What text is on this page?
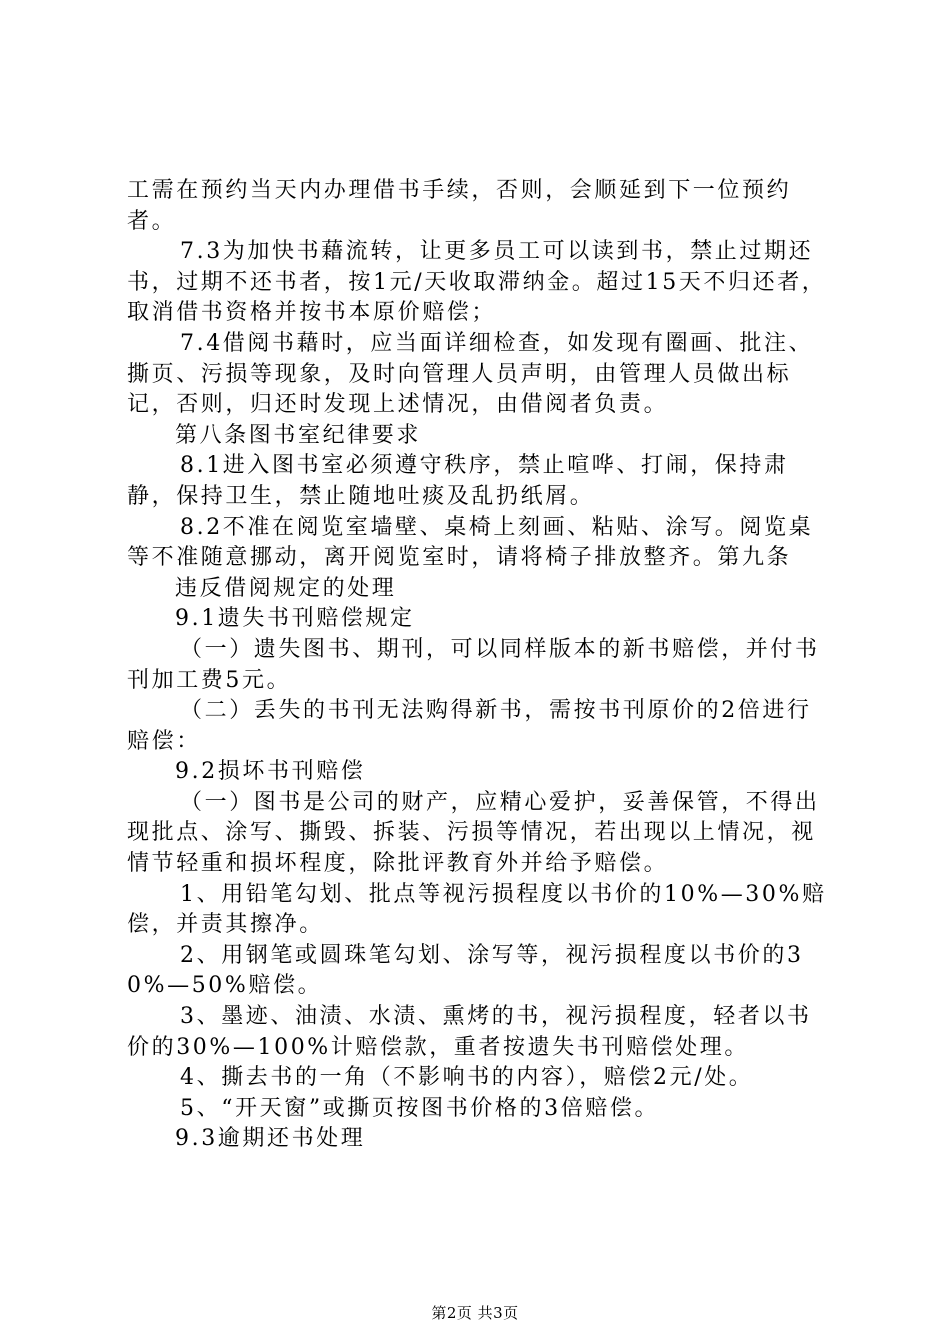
工需在预约当天内办理借书手续，否则，会顺延到下一位预约者。

7.3为加快书藉流转，让更多员工可以读到书，禁止过期还书，过期不还书者，按1元/天收取滞纳金。超过15天不归还者，取消借书资格并按书本原价赔偿；

7.4借阅书藉时，应当面详细检查，如发现有圈画、批注、撕页、污损等现象，及时向管理人员声明，由管理人员做出标记，否则，归还时发现上述情况，由借阅者负责。

第八条图书室纪律要求

8.1进入图书室必须遵守秩序，禁止喧哗、打闹，保持肃静，保持卫生，禁止随地吐痰及乱扔纸屑。

8.2不准在阅览室墙壁、桌椅上刻画、粘贴、涂写。阅览桌等不准随意挪动，离开阅览室时，请将椅子排放整齐。第九条

违反借阅规定的处理

9.1遗失书刊赔偿规定

（一）遗失图书、期刊，可以同样版本的新书赔偿，并付书刊加工费5元。

（二）丢失的书刊无法购得新书，需按书刊原价的2倍进行赔偿：

9.2损坏书刊赔偿

（一）图书是公司的财产，应精心爱护，妥善保管，不得出现批点、涂写、撕毁、拆装、污损等情况，若出现以上情况，视情节轻重和损坏程度，除批评教育外并给予赔偿。

1、用铅笔勾划、批点等视污损程度以书价的10%—30%赔偿，并责其擦净。

2、用钢笔或圆珠笔勾划、涂写等，视污损程度以书价的30%—50%赔偿。

3、墨迹、油渍、水渍、熏烤的书，视污损程度，轻者以书价的30%—100%计赔偿款，重者按遗失书刊赔偿处理。

4、撕去书的一角（不影响书的内容），赔偿2元/处。

5、“开天窗”或撕页按图书价格的3倍赔偿。

9.3逾期还书处理

第2页 共3页
